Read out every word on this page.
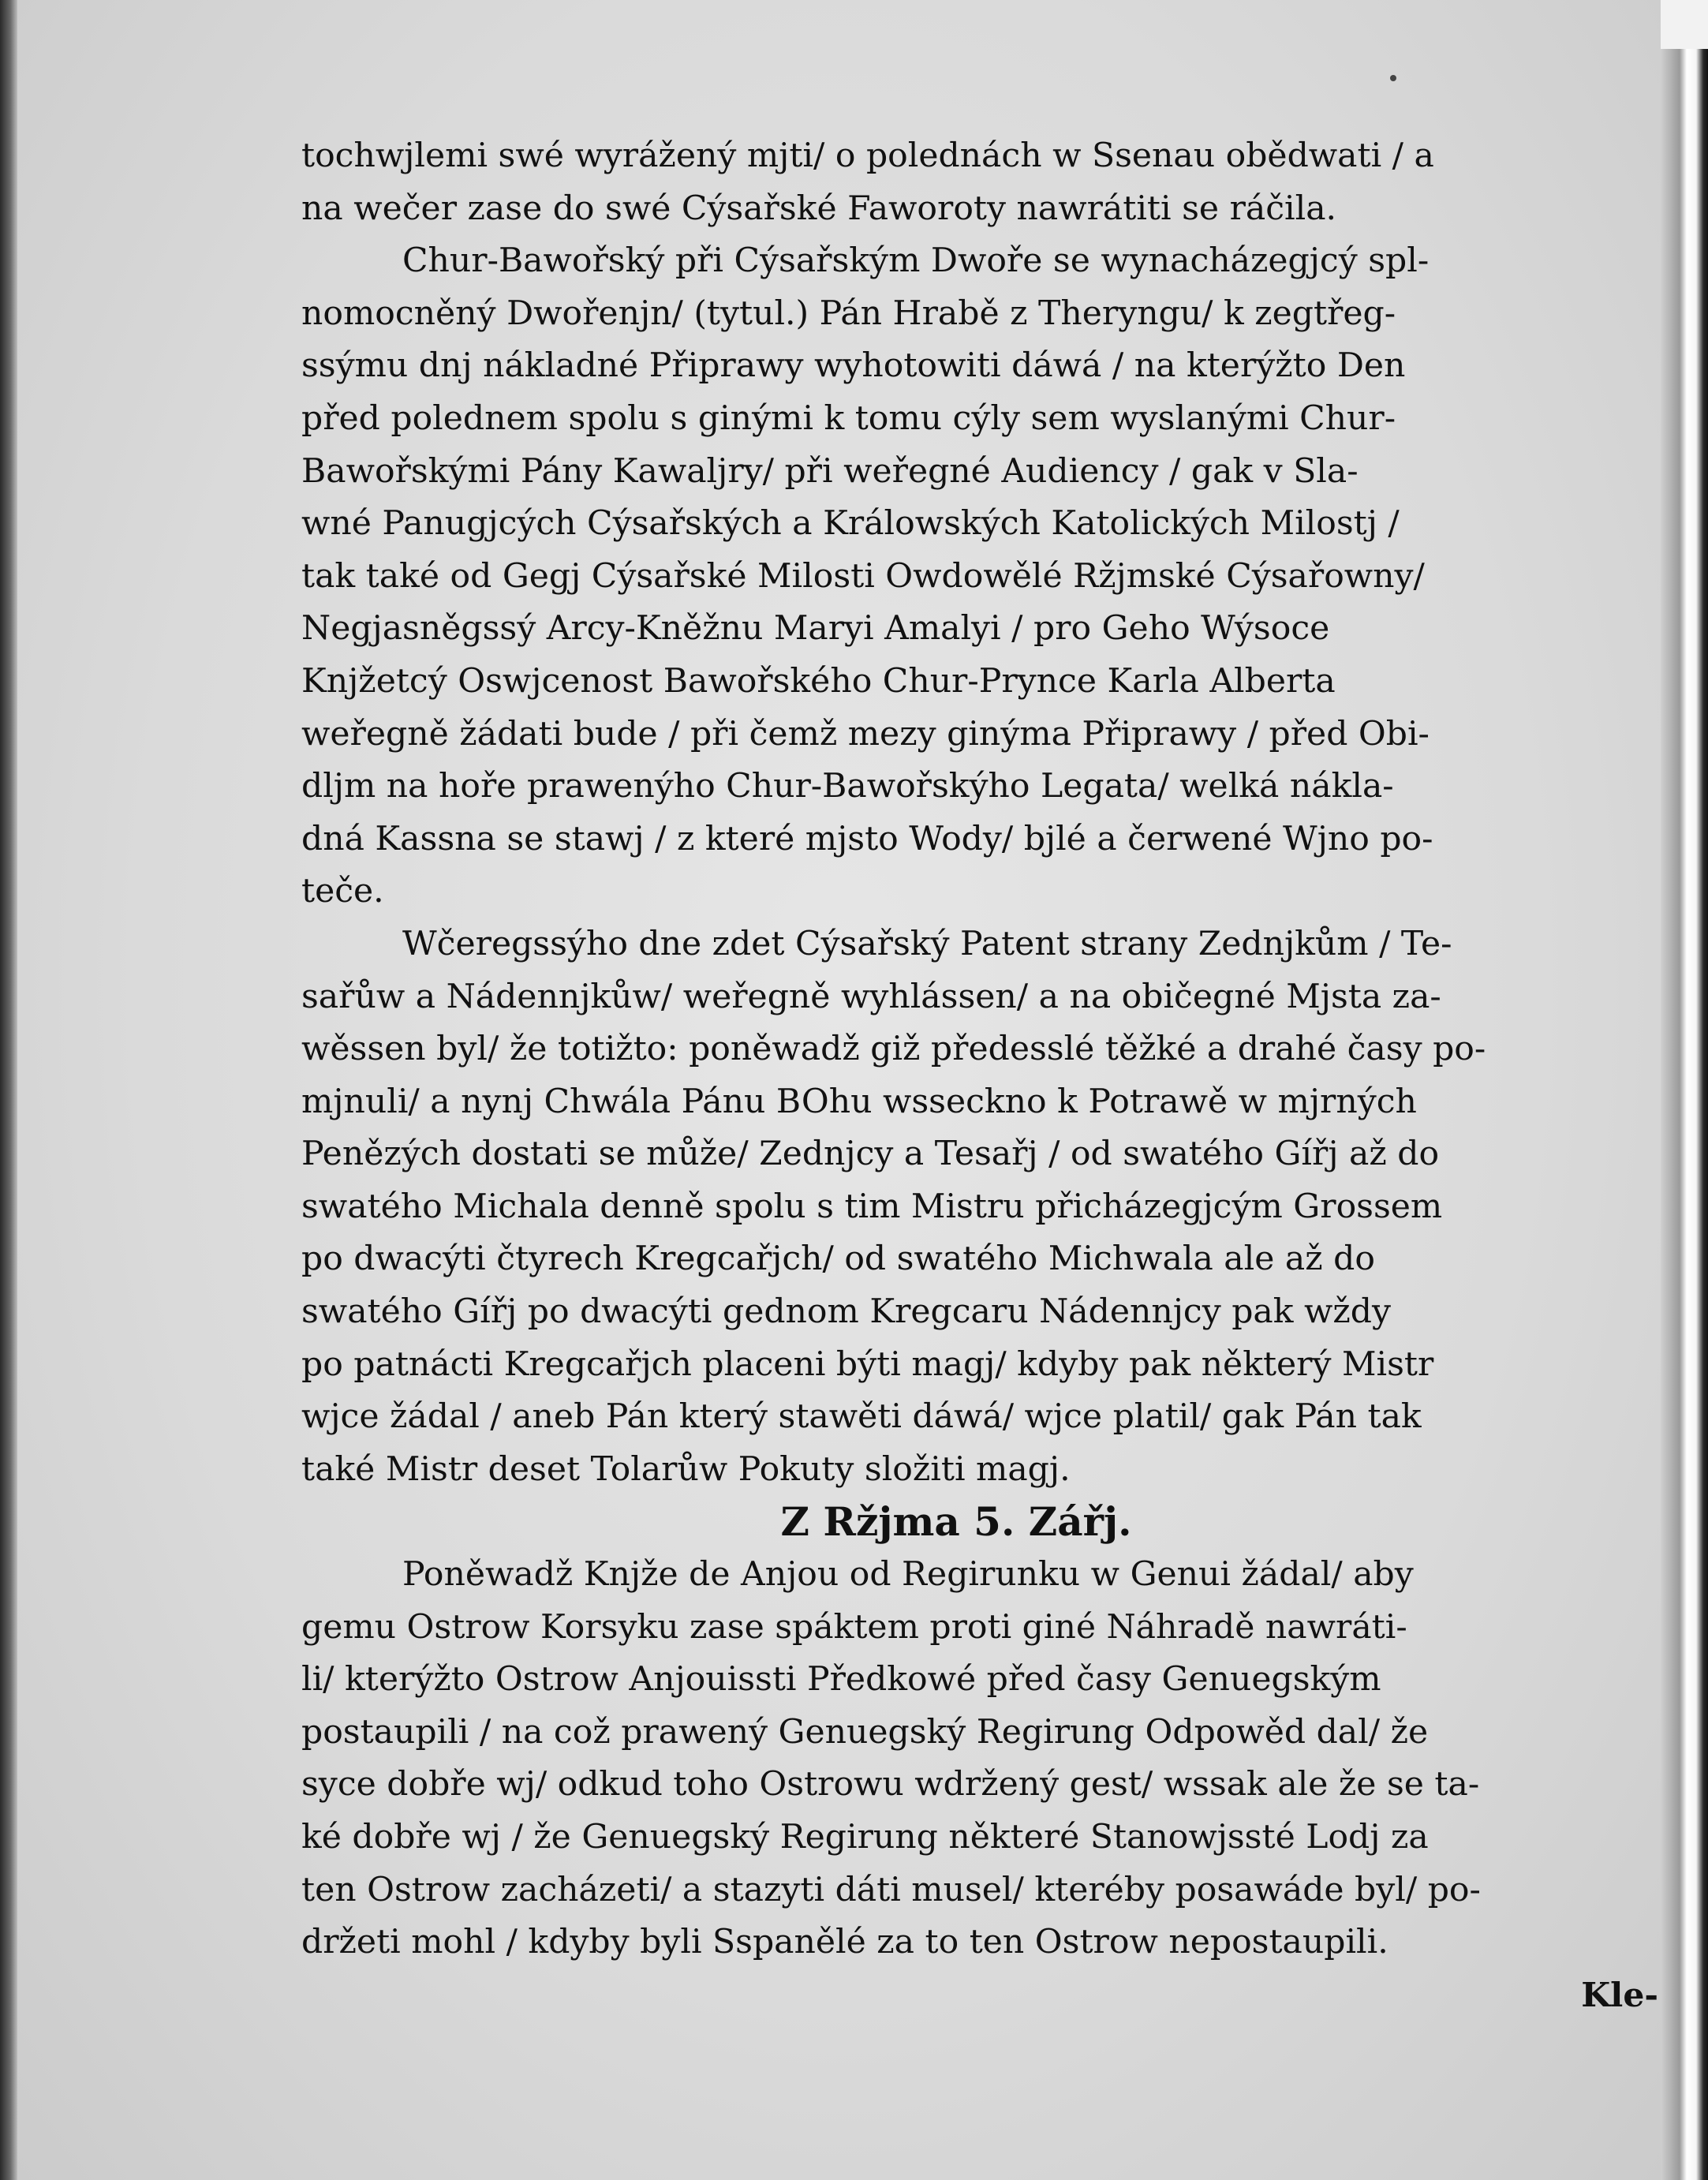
tochwjlemi swé wyrážený mjti/ o polednách w Ssenau obědwati / a
na wečer zase do swé Cýsařské Faworoty nawrátiti se ráčila.
Chur-Bawořský při Cýsařským Dwoře se wynacházegjcý spl-
nomocněný Dwořenjn/ (tytul.) Pán Hrabě z Theryngu/ k zegtřeg-
ssýmu dnj nákladné Připrawy wyhotowiti dáwá / na kterýžto Den
před polednem spolu s ginými k tomu cýly sem wyslanými Chur-
Bawořskými Pány Kawaljry/ při weřegné Audiency / gak v Sla-
wné Panugjcých Cýsařských a Králowských Katolických Milostj /
tak také od Gegj Cýsařské Milosti Owdowělé Ržjmské Cýsařowny/
Negjasněgssý Arcy-Kněžnu Maryi Amalyi / pro Geho Wýsoce
Knjžetcý Oswjcenost Bawořského Chur-Prynce Karla Alberta
weřegně žádati bude / při čemž mezy ginýma Připrawy / před Obi-
dljm na hoře prawenýho Chur-Bawořskýho Legata/ welká nákla-
dná Kassna se stawj / z které mjsto Wody/ bjlé a čerwené Wjno po-
teče.
Wčeregssýho dne zdet Cýsařský Patent strany Zednjkům / Te-
sařůw a Nádennjkůw/ weřegně wyhlássen/ a na običegné Mjsta za-
wěssen byl/ že totižto: poněwadž giž předesslé těžké a drahé časy po-
mjnuli/ a nynj Chwála Pánu BOhu wsseckno k Potrawě w mjrných
Penězých dostati se může/ Zednjcy a Tesařj / od swatého Gířj až do
swatého Michala denně spolu s tim Mistru přicházegjcým Grossem
po dwacýti čtyrech Kregcařjch/ od swatého Michwala ale až do
swatého Gířj po dwacýti gednom Kregcaru Nádennjcy pak wždy
po patnácti Kregcařjch placeni býti magj/ kdyby pak některý Mistr
wjce žádal / aneb Pán který stawěti dáwá/ wjce platil/ gak Pán tak
také Mistr deset Tolarůw Pokuty složiti magj.
Z Ržjma 5. Zářj.
Poněwadž Knjže de Anjou od Regirunku w Genui žádal/ aby
gemu Ostrow Korsyku zase spáktem proti giné Náhradě nawráti-
li/ kterýžto Ostrow Anjouissti Předkowé před časy Genuegským
postaupili / na což prawený Genuegský Regirung Odpowěd dal/ že
syce dobře wj/ odkud toho Ostrowu wdržený gest/ wssak ale že se ta-
ké dobře wj / že Genuegský Regirung některé Stanowjssté Lodj za
ten Ostrow zacházeti/ a stazyti dáti musel/ kteréby posawáde byl/ po-
držeti mohl / kdyby byli Sspanělé za to ten Ostrow nepostaupili.
Kle-
